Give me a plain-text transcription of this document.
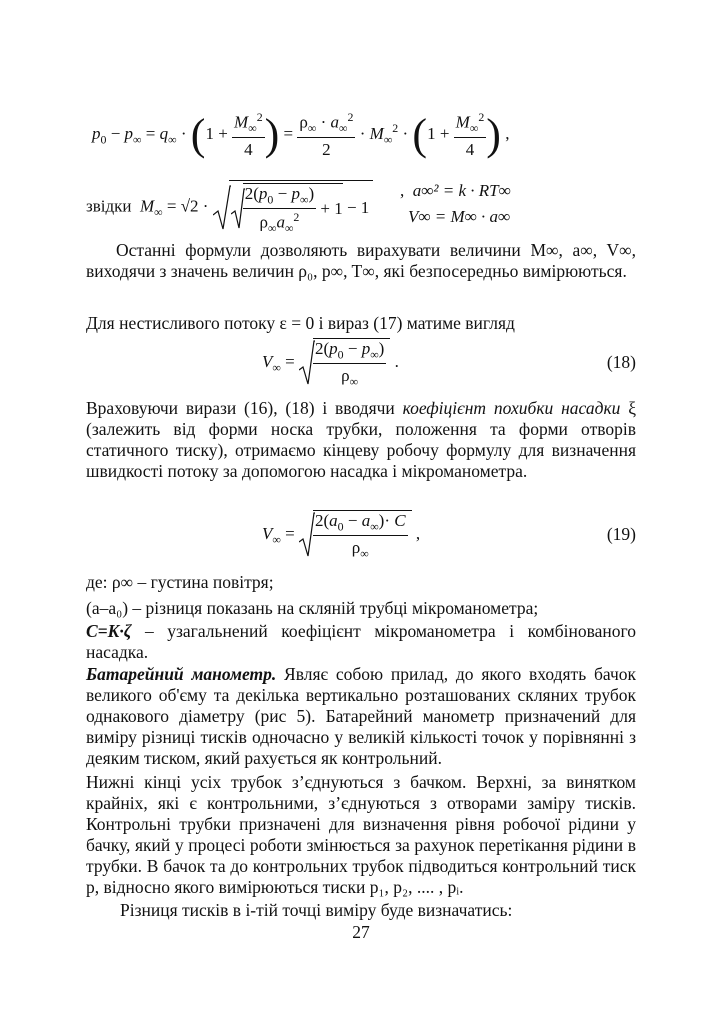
$p_0 - p_\infty = q_\infty \cdot (1 + \frac{M_\infty^2}{4}$ ) = $\frac{\rho_\infty \cdot a_\infty^2}{2} \cdot M_\infty^2 \cdot (1 + \frac{M_\infty^2}{4}$ ) ,
звідки $M_\infty = √2 \cdot \frac{2(p_0 - p_\infty)}{\rho_\infty a_\infty^2} + 1 - 1$
,  a∞² = k · RT∞
V∞ = M∞ · a∞
Останні формули дозволяють вирахувати величини M∞, a∞, V∞, виходячи з значень величин ρ₀, p∞, T∞, які безпосередньо вимірюються.
Для нестисливого потоку ε = 0 і вираз (17) матиме вигляд
$V_\infty = \frac{2(p_0 - p_\infty)}{\rho_\infty}$ .	(18)
Враховуючи вирази (16), (18) і вводячи коефіцієнт похибки насадки ξ (залежить від форми носка трубки, положення та форми отворів статичного тиску), отримаємо кінцеву робочу формулу для визначення швидкості потоку за допомогою насадка і мікроманометра.
$V_\infty = \frac{2(a_0 - a_\infty)\cdot C}{\rho_\infty}$ ,	(19)
де: ρ∞ – густина повітря;
(a–a₀) – різниця показань на скляній трубці мікроманометра;
C=K·ζ – узагальнений коефіцієнт мікроманометра і комбінованого насадка.
Батарейний манометр. Являє собою прилад, до якого входять бачок великого об'єму та декілька вертикально розташованих скляних трубок однакового діаметру (рис 5). Батарейний манометр призначений для виміру різниці тисків одночасно у великій кількості точок у порівнянні з деяким тиском, який рахується як контрольний.
Нижні кінці усіх трубок з’єднуються з бачком. Верхні, за винятком крайніх, які є контрольними, з’єднуються з отворами заміру тисків. Контрольні трубки призначені для визначення рівня робочої рідини у бачку, який у процесі роботи змінюється за рахунок перетікання рідини в трубки. В бачок та до контрольних трубок підводиться контрольний тиск p, відносно якого вимірюються тиски p₁, p₂, .... , pᵢ.
Різниця тисків в i-тій точці виміру буде визначатись:
27
